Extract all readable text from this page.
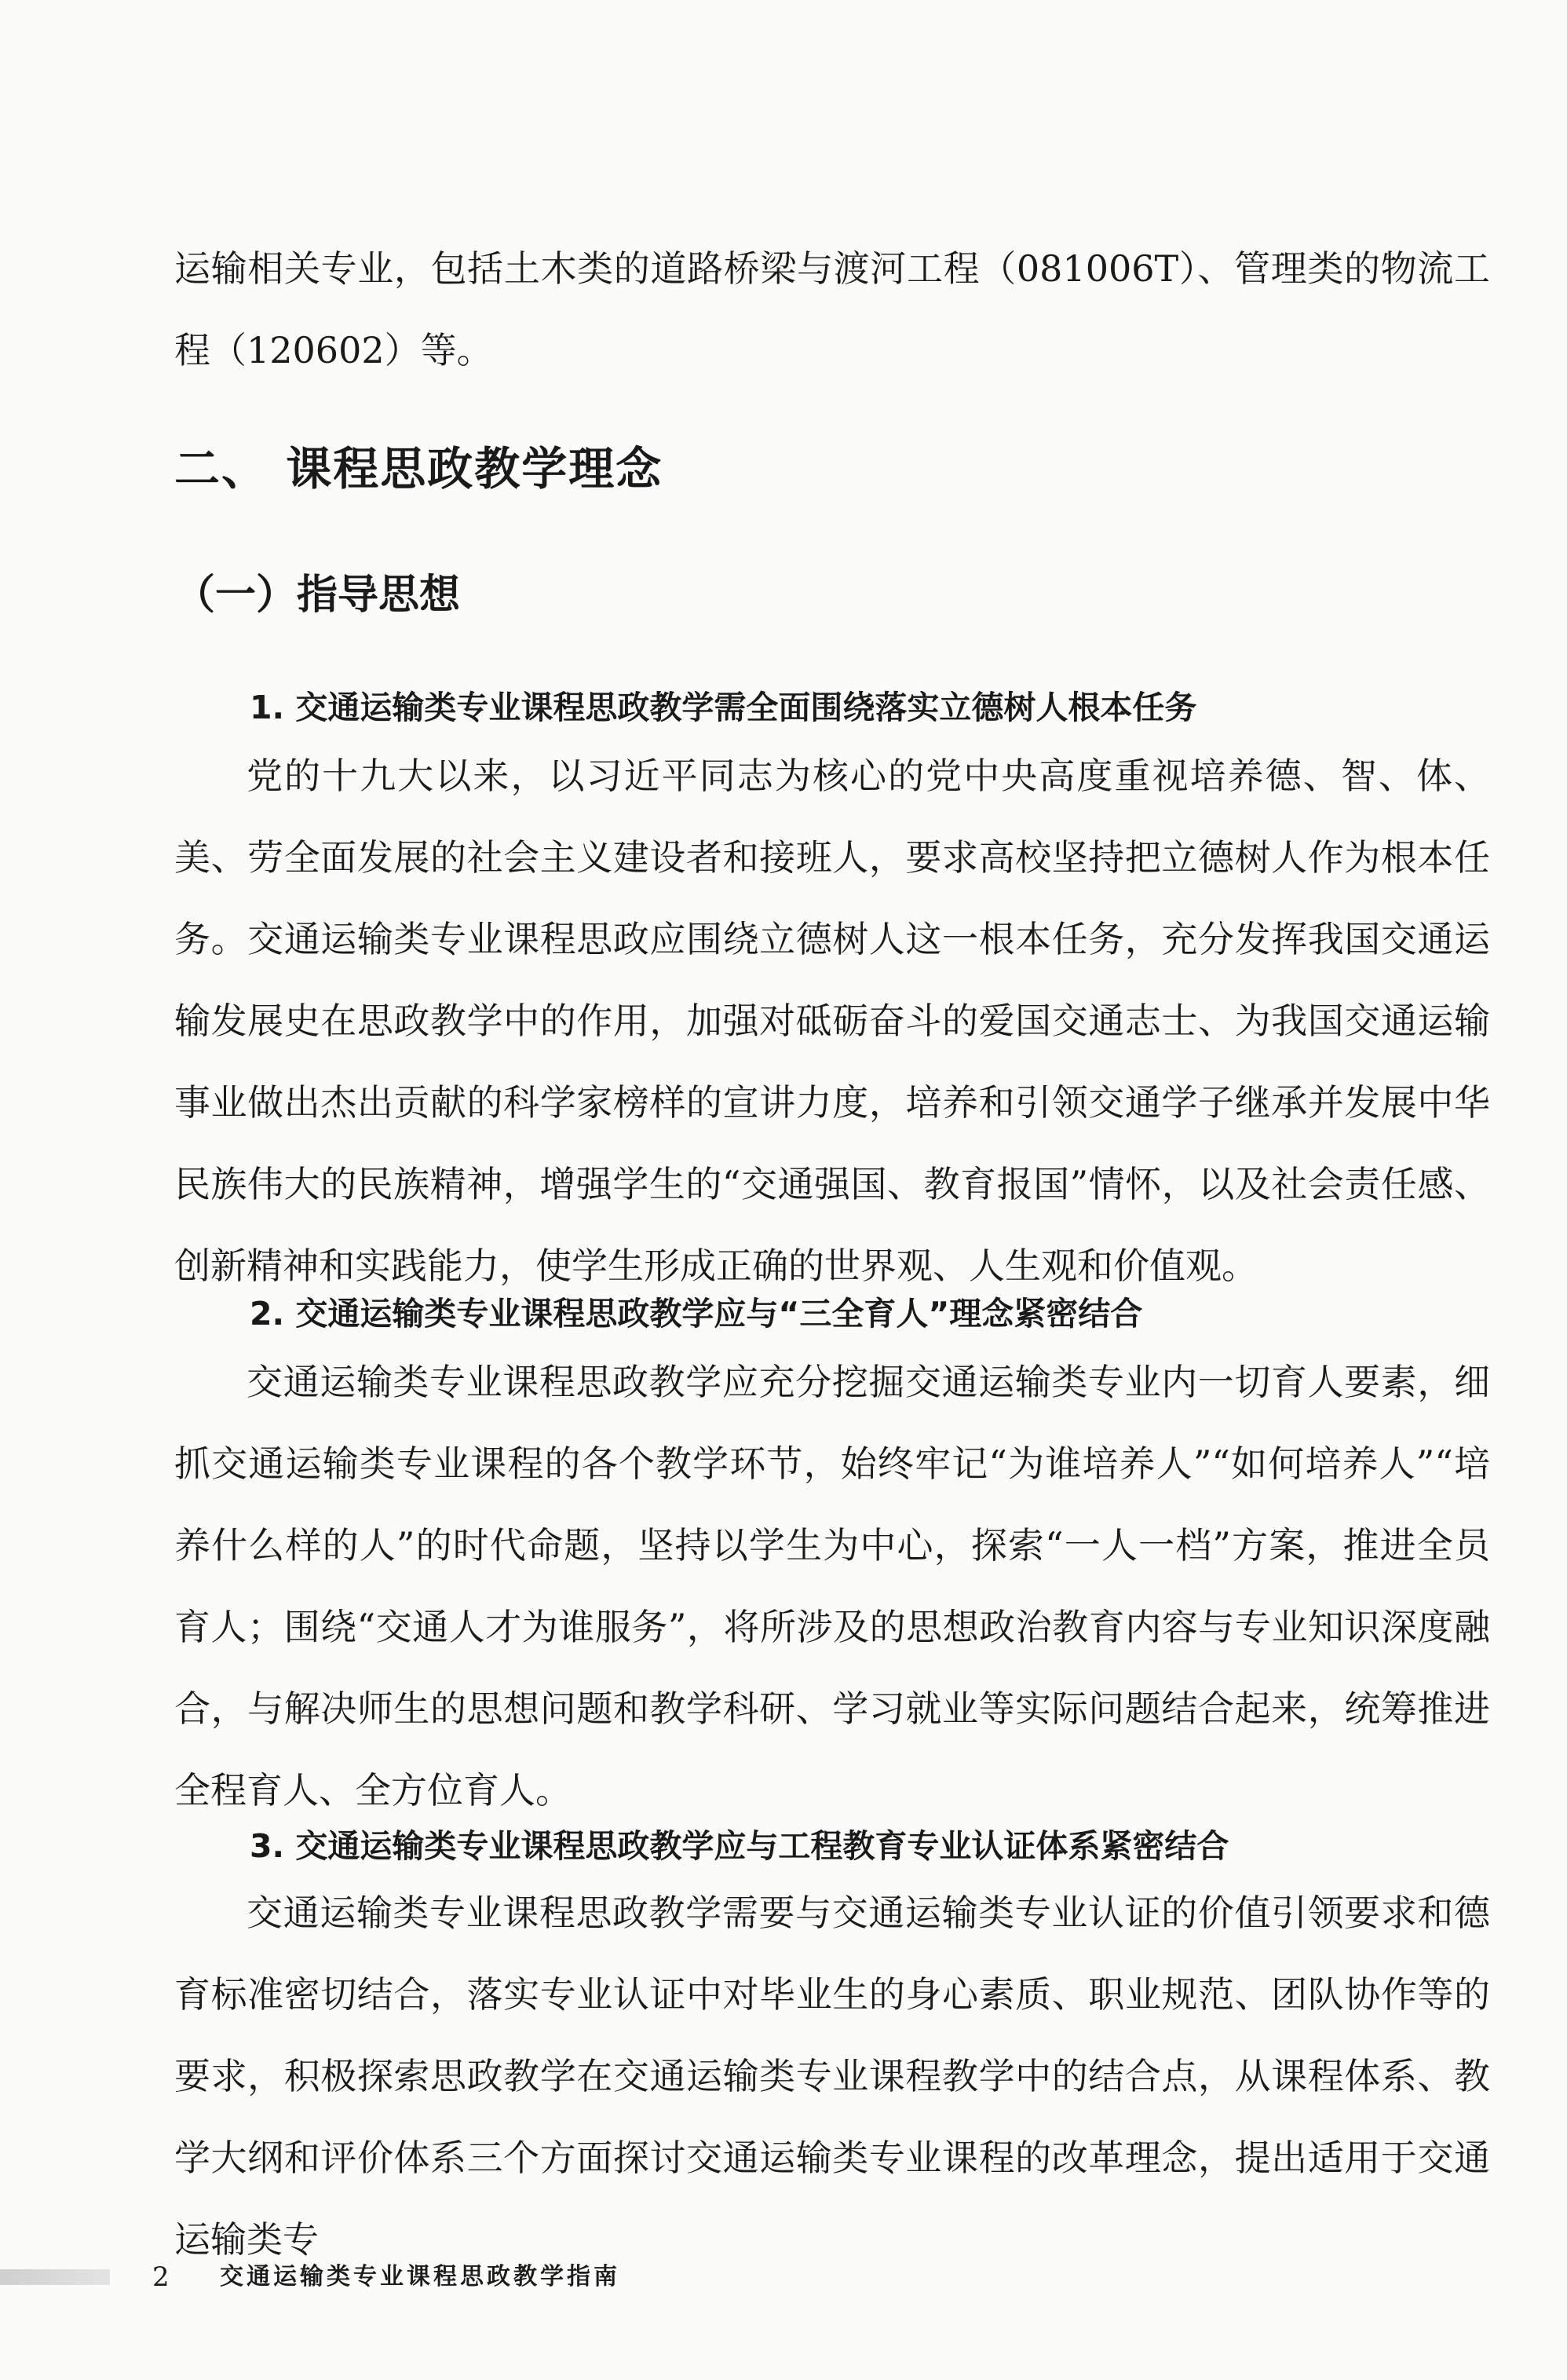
运输相关专业，包括土木类的道路桥梁与渡河工程（081006T）、管理类的物流工程（120602）等。

二、 课程思政教学理念
（一）指导思想
1. 交通运输类专业课程思政教学需全面围绕落实立德树人根本任务

党的十九大以来，以习近平同志为核心的党中央高度重视培养德、智、体、美、劳全面发展的社会主义建设者和接班人，要求高校坚持把立德树人作为根本任务。交通运输类专业课程思政应围绕立德树人这一根本任务，充分发挥我国交通运输发展史在思政教学中的作用，加强对砥砺奋斗的爱国交通志士、为我国交通运输事业做出杰出贡献的科学家榜样的宣讲力度，培养和引领交通学子继承并发展中华民族伟大的民族精神，增强学生的“交通强国、教育报国”情怀，以及社会责任感、创新精神和实践能力，使学生形成正确的世界观、人生观和价值观。

2. 交通运输类专业课程思政教学应与“三全育人”理念紧密结合

交通运输类专业课程思政教学应充分挖掘交通运输类专业内一切育人要素，细抓交通运输类专业课程的各个教学环节，始终牢记“为谁培养人”“如何培养人”“培养什么样的人”的时代命题，坚持以学生为中心，探索“一人一档”方案，推进全员育人；围绕“交通人才为谁服务”，将所涉及的思想政治教育内容与专业知识深度融合，与解决师生的思想问题和教学科研、学习就业等实际问题结合起来，统筹推进全程育人、全方位育人。

3. 交通运输类专业课程思政教学应与工程教育专业认证体系紧密结合

交通运输类专业课程思政教学需要与交通运输类专业认证的价值引领要求和德育标准密切结合，落实专业认证中对毕业生的身心素质、职业规范、团队协作等的要求，积极探索思政教学在交通运输类专业课程教学中的结合点，从课程体系、教学大纲和评价体系三个方面探讨交通运输类专业课程的改革理念，提出适用于交通运输类专

2 交通运输类专业课程思政教学指南
